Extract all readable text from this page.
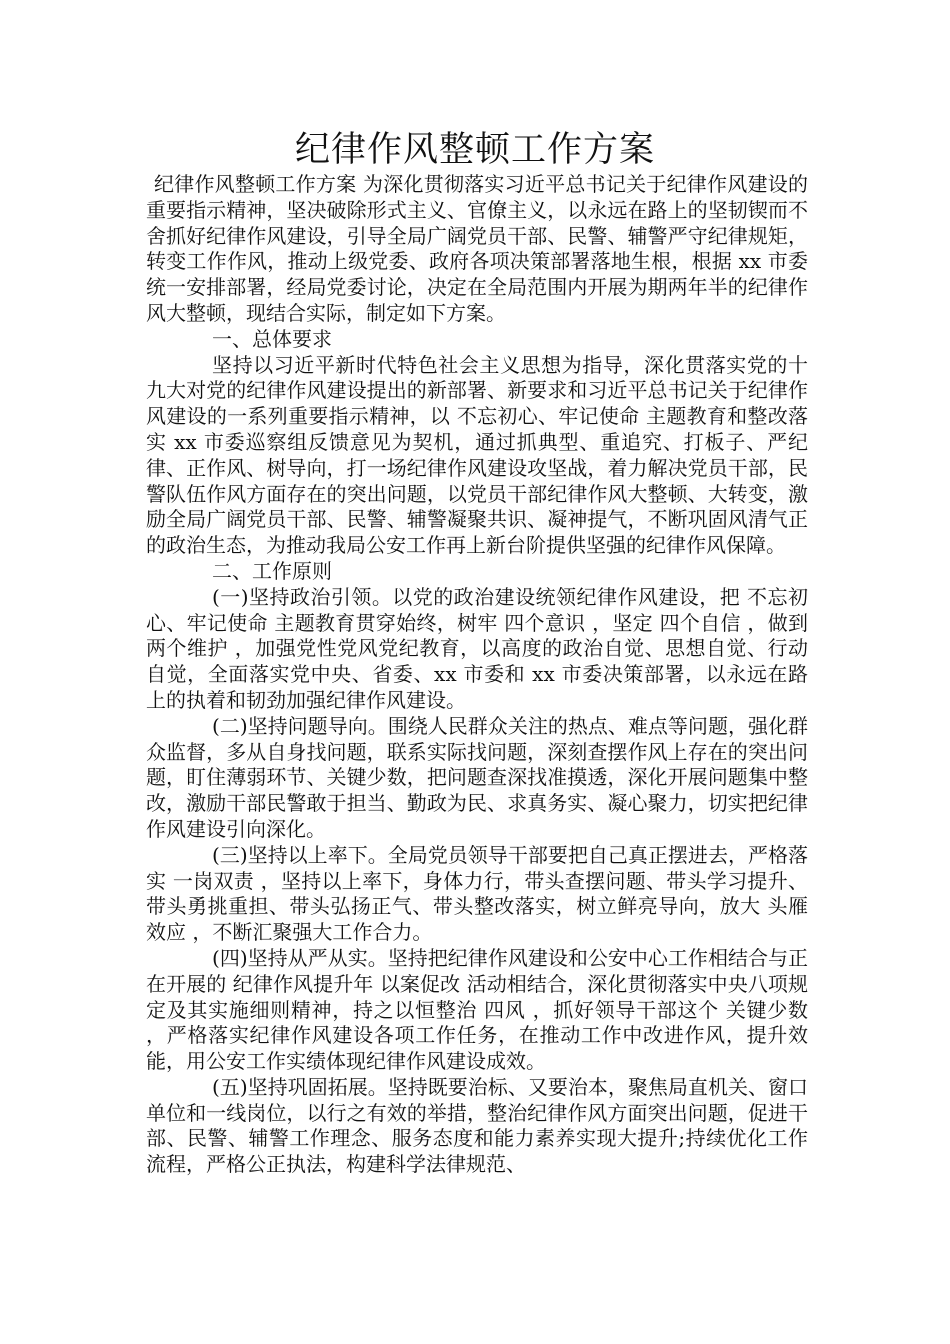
纪律作风整顿工作方案

纪律作风整顿工作方案 为深化贯彻落实习近平总书记关于纪律作风建设的重要指示精神，坚决破除形式主义、官僚主义，以永远在路上的坚韧锲而不舍抓好纪律作风建设，引导全局广阔党员干部、民警、辅警严守纪律规矩，转变工作作风，推动上级党委、政府各项决策部署落地生根，根据 xx 市委统一安排部署，经局党委讨论，决定在全局范围内开展为期两年半的纪律作风大整顿，现结合实际，制定如下方案。

一、总体要求

坚持以习近平新时代特色社会主义思想为指导，深化贯落实党的十九大对党的纪律作风建设提出的新部署、新要求和习近平总书记关于纪律作风建设的一系列重要指示精神，以 不忘初心、牢记使命 主题教育和整改落实 xx 市委巡察组反馈意见为契机，通过抓典型、重追究、打板子、严纪律、正作风、树导向，打一场纪律作风建设攻坚战，着力解决党员干部，民警队伍作风方面存在的突出问题，以党员干部纪律作风大整顿、大转变，激励全局广阔党员干部、民警、辅警凝聚共识、凝神提气，不断巩固风清气正的政治生态，为推动我局公安工作再上新台阶提供坚强的纪律作风保障。

二、工作原则

(一)坚持政治引领。以党的政治建设统领纪律作风建设，把 不忘初心、牢记使命 主题教育贯穿始终，树牢 四个意识 ，坚定 四个自信 ，做到 两个维护 ，加强党性党风党纪教育，以高度的政治自觉、思想自觉、行动自觉，全面落实党中央、省委、xx 市委和 xx 市委决策部署，以永远在路上的执着和韧劲加强纪律作风建设。

(二)坚持问题导向。围绕人民群众关注的热点、难点等问题，强化群众监督，多从自身找问题，联系实际找问题，深刻查摆作风上存在的突出问题，盯住薄弱环节、关键少数，把问题查深找准摸透，深化开展问题集中整改，激励干部民警敢于担当、勤政为民、求真务实、凝心聚力，切实把纪律作风建设引向深化。

(三)坚持以上率下。全局党员领导干部要把自己真正摆进去，严格落实 一岗双责 ，坚持以上率下，身体力行，带头查摆问题、带头学习提升、带头勇挑重担、带头弘扬正气、带头整改落实，树立鲜亮导向，放大 头雁效应 ，不断汇聚强大工作合力。

(四)坚持从严从实。坚持把纪律作风建设和公安中心工作相结合与正在开展的 纪律作风提升年 以案促改 活动相结合，深化贯彻落实中央八项规定及其实施细则精神，持之以恒整治 四风 ，抓好领导干部这个 关键少数 ，严格落实纪律作风建设各项工作任务，在推动工作中改进作风，提升效能，用公安工作实绩体现纪律作风建设成效。

(五)坚持巩固拓展。坚持既要治标、又要治本，聚焦局直机关、窗口单位和一线岗位，以行之有效的举措，整治纪律作风方面突出问题，促进干部、民警、辅警工作理念、服务态度和能力素养实现大提升;持续优化工作流程，严格公正执法，构建科学法律规范、
